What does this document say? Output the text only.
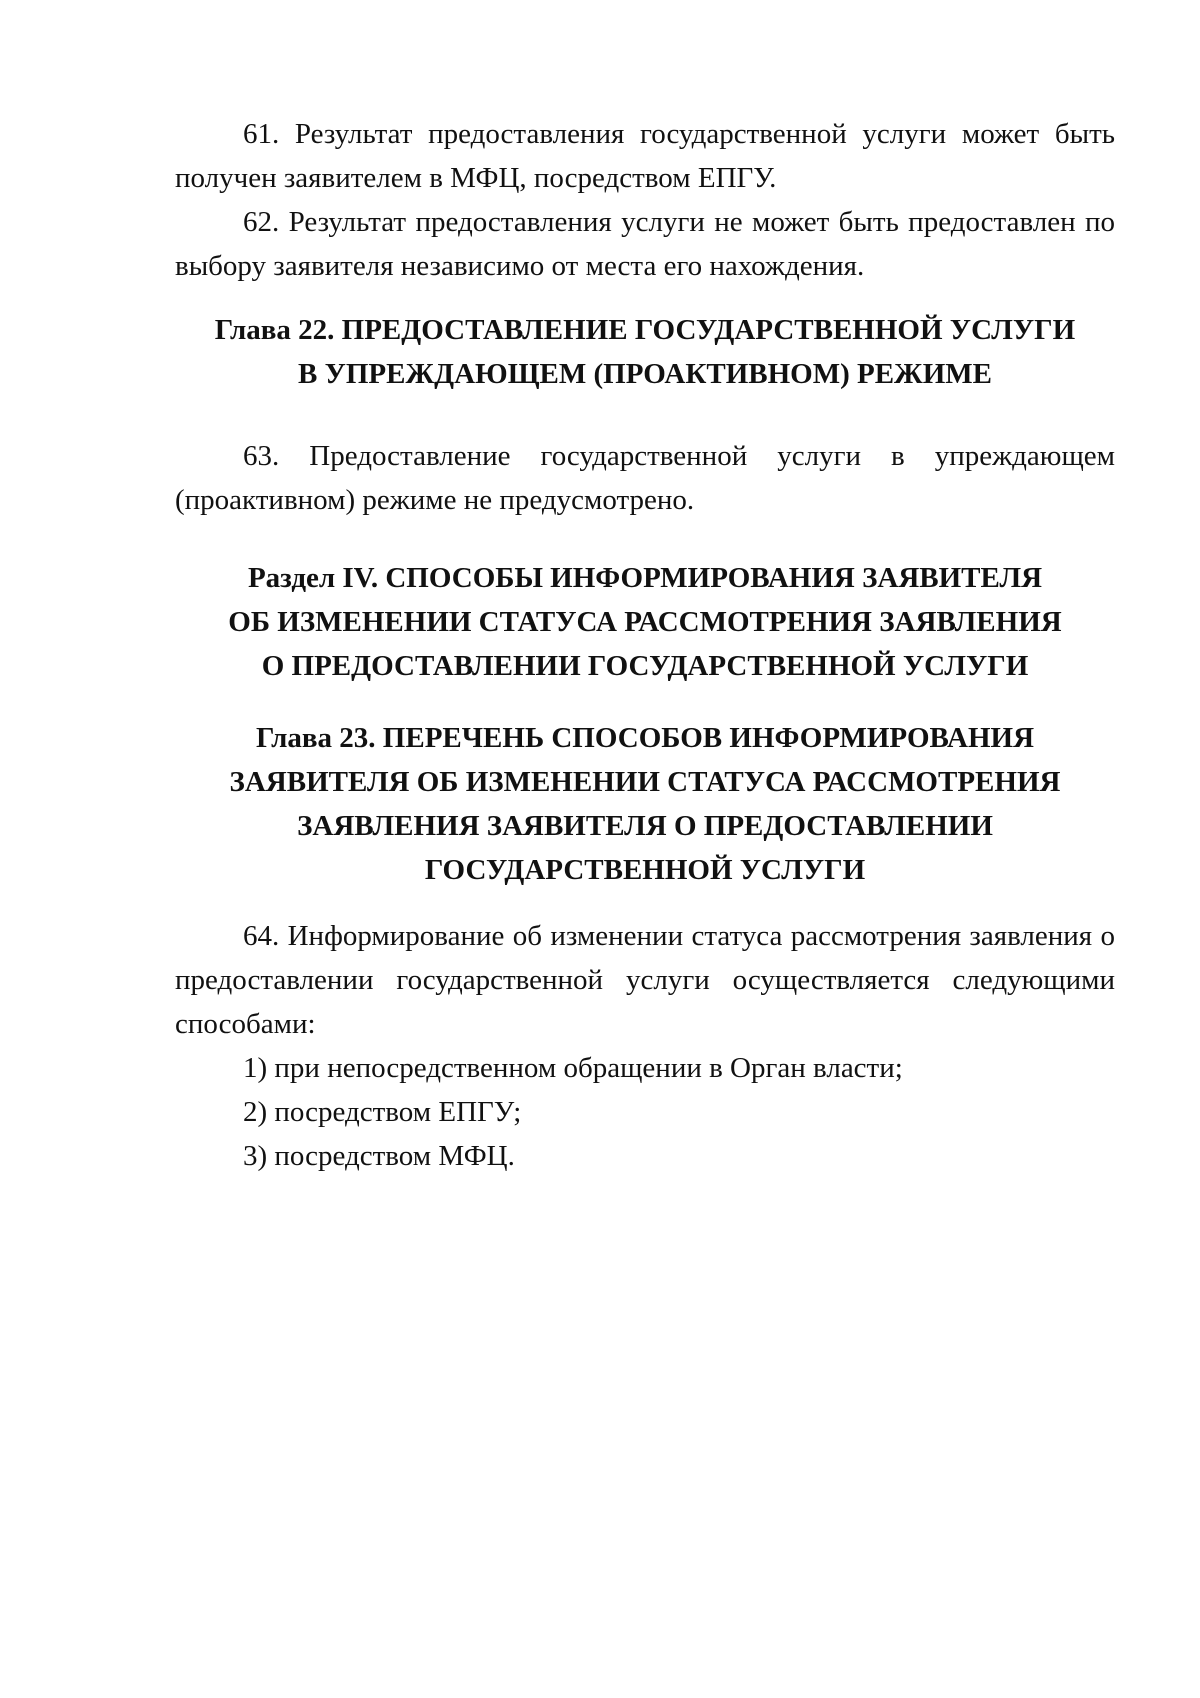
61. Результат предоставления государственной услуги может быть получен заявителем в МФЦ, посредством ЕПГУ.

62. Результат предоставления услуги не может быть предоставлен по выбору заявителя независимо от места его нахождения.

Глава 22. ПРЕДОСТАВЛЕНИЕ ГОСУДАРСТВЕННОЙ УСЛУГИ

В УПРЕЖДАЮЩЕМ (ПРОАКТИВНОМ) РЕЖИМЕ

63. Предоставление государственной услуги в упреждающем (проактивном) режиме не предусмотрено.

Раздел IV. СПОСОБЫ ИНФОРМИРОВАНИЯ ЗАЯВИТЕЛЯ

ОБ ИЗМЕНЕНИИ СТАТУСА РАССМОТРЕНИЯ ЗАЯВЛЕНИЯ

О ПРЕДОСТАВЛЕНИИ ГОСУДАРСТВЕННОЙ УСЛУГИ

Глава 23. ПЕРЕЧЕНЬ СПОСОБОВ ИНФОРМИРОВАНИЯ

ЗАЯВИТЕЛЯ ОБ ИЗМЕНЕНИИ СТАТУСА РАССМОТРЕНИЯ

ЗАЯВЛЕНИЯ ЗАЯВИТЕЛЯ О ПРЕДОСТАВЛЕНИИ

ГОСУДАРСТВЕННОЙ УСЛУГИ

64. Информирование об изменении статуса рассмотрения заявления о предоставлении государственной услуги осуществляется следующими способами:

1) при непосредственном обращении в Орган власти;

2) посредством ЕПГУ;

3) посредством МФЦ.
